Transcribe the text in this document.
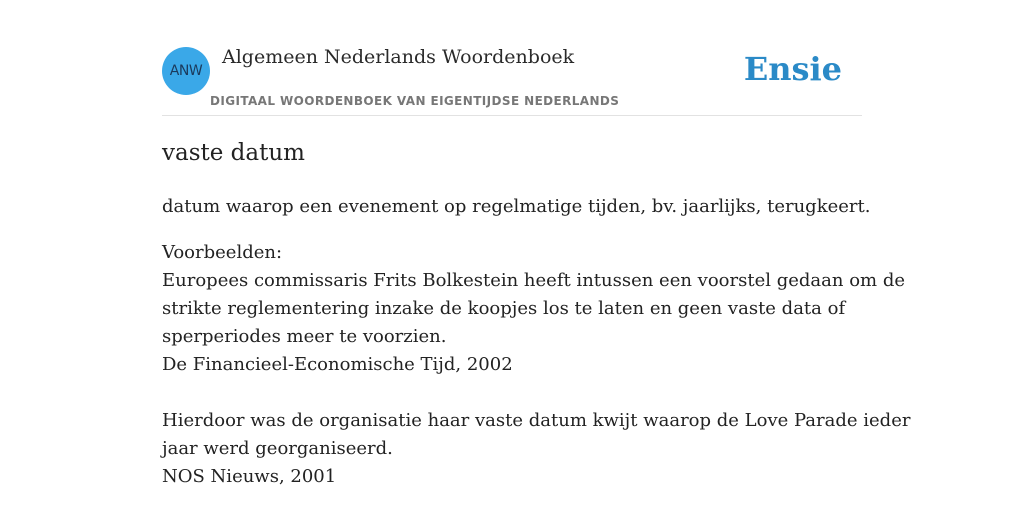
ANW
Algemeen Nederlands Woordenboek
DIGITAAL WOORDENBOEK VAN EIGENTIJDSE NEDERLANDS
Ensie
vaste datum
datum waarop een evenement op regelmatige tijden, bv. jaarlijks, terugkeert.
Voorbeelden:
Europees commissaris Frits Bolkestein heeft intussen een voorstel gedaan om de
strikte reglementering inzake de koopjes los te laten en geen vaste data of
sperperiodes meer te voorzien.
De Financieel-Economische Tijd, 2002
Hierdoor was de organisatie haar vaste datum kwijt waarop de Love Parade ieder
jaar werd georganiseerd.
NOS Nieuws, 2001
